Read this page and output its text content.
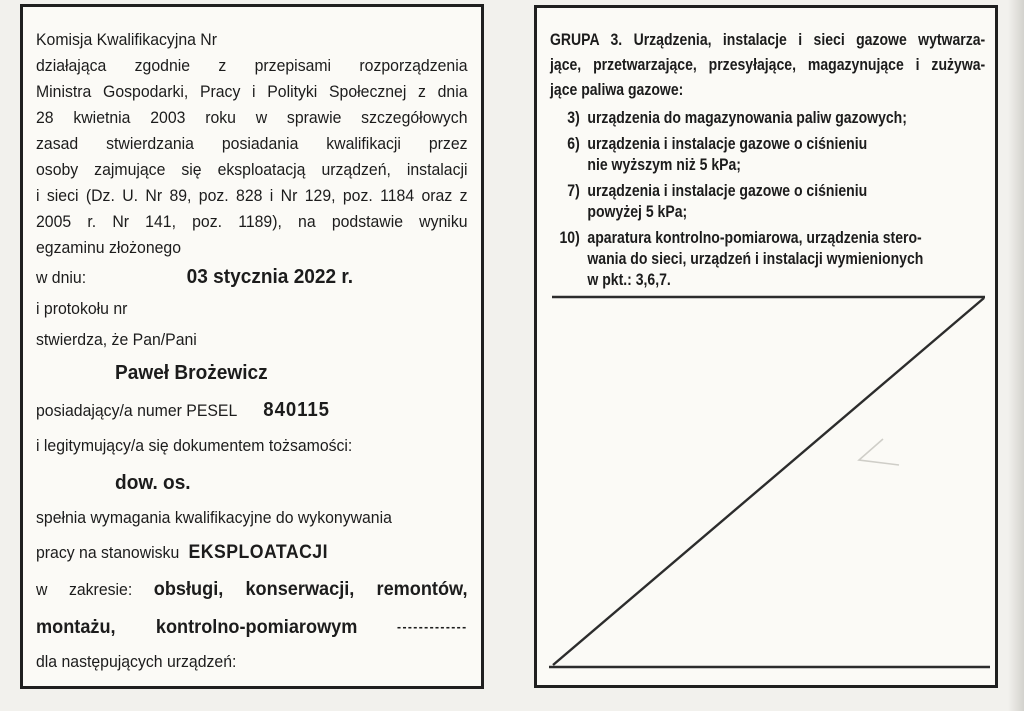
Komisja Kwalifikacyjna Nr
działająca zgodnie z przepisami rozporządzenia
Ministra Gospodarki, Pracy i Polityki Społecznej z dnia
28 kwietnia 2003 roku w sprawie szczegółowych
zasad stwierdzania posiadania kwalifikacji przez
osoby zajmujące się eksploatacją urządzeń, instalacji
i sieci (Dz. U. Nr 89, poz. 828 i Nr 129, poz. 1184 oraz z
2005 r. Nr 141, poz. 1189), na podstawie wyniku
egzaminu złożonego
w dniu:	03 stycznia 2022 r.
i protokołu nr
stwierdza, że Pan/Pani
Paweł Brożewicz
posiadający/a numer PESEL 840115
i legitymujący/a się dokumentem tożsamości:
dow. os.
spełnia wymagania kwalifikacyjne do wykonywania
pracy na stanowisku EKSPLOATACJI
w zakresie: obsługi, konserwacji, remontów,
montażu, kontrolno-pomiarowym	-------------
dla następujących urządzeń:
GRUPA 3. Urządzenia, instalacje i sieci gazowe wytwarza-
jące, przetwarzające, przesyłające, magazynujące i zużywa-
jące paliwa gazowe:
3) urządzenia do magazynowania paliw gazowych;
6) urządzenia i instalacje gazowe o ciśnieniu
nie wyższym niż 5 kPa;
7) urządzenia i instalacje gazowe o ciśnieniu
powyżej 5 kPa;
10) aparatura kontrolno-pomiarowa, urządzenia stero-
wania do sieci, urządzeń i instalacji wymienionych
w pkt.: 3,6,7.
